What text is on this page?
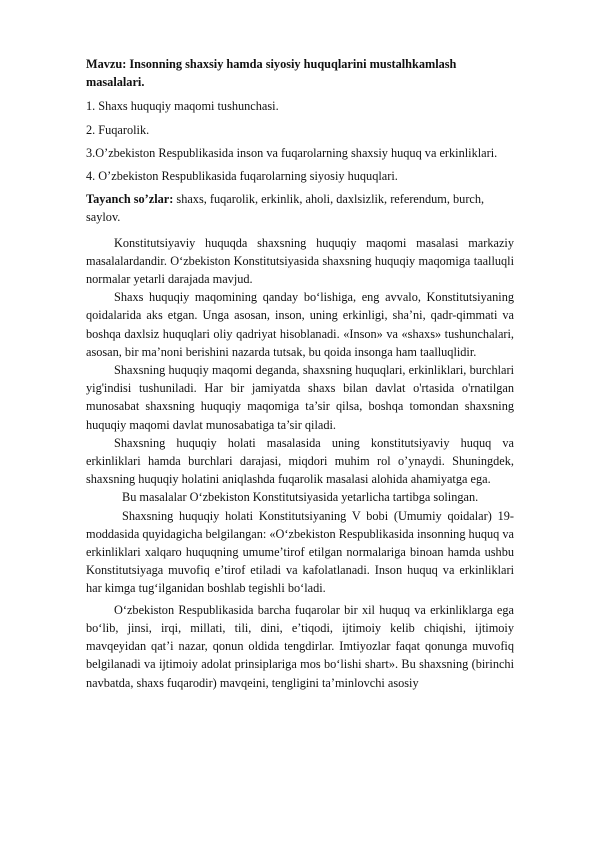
Mavzu: Insonning shaxsiy hamda siyosiy huquqlarini mustalhkamlash masalalari.

1. Shaxs huquqiy maqomi tushunchasi.

2. Fuqarolik.

3.O’zbekiston Respublikasida inson va fuqarolarning shaxsiy huquq va erkinliklari.

4. O’zbekiston Respublikasida fuqarolarning siyosiy huquqlari.

Tayanch so’zlar: shaxs, fuqarolik, erkinlik, aholi, daxlsizlik, referendum, burch, saylov.

Konstitutsiyaviy huquqda shaxsning huquqiy maqomi masalasi markaziy masalalardandir. O‘zbekiston Konstitutsiyasida shaxsning huquqiy maqomiga taalluqli normalar yetarli darajada mavjud.

Shaxs huquqiy maqomining qanday bo‘lishiga, eng avvalo, Konstitutsiyaning qoidalarida aks etgan. Unga asosan, inson, uning erkinligi, sha’ni, qadr-qimmati va boshqa daxlsiz huquqlari oliy qadriyat hisoblanadi. «Inson» va «shaxs» tushunchalari, asosan, bir ma’noni berishini nazarda tutsak, bu qoida insonga ham taalluqlidir.

Shaxsning huquqiy maqomi deganda, shaxsning huquqlari, erkinliklari, burchlari yig'indisi tushuniladi. Har bir jamiyatda shaxs bilan davlat o'rtasida o'rnatilgan munosabat shaxsning huquqiy maqomiga ta’sir qilsa, boshqa tomondan shaxsning huquqiy maqomi davlat munosabatiga ta’sir qiladi.

Shaxsning huquqiy holati masalasida uning konstitutsiyaviy huquq va erkinliklari hamda burchlari darajasi, miqdori muhim rol o’ynaydi. Shuningdek, shaxsning huquqiy holatini aniqlashda fuqarolik masalasi alohida ahamiyatga ega.

Bu masalalar O‘zbekiston Konstitutsiyasida yetarlicha tartibga solingan.

Shaxsning huquqiy holati Konstitutsiyaning V bobi (Umumiy qoidalar) 19-moddasida quyidagicha belgilangan: «O‘zbekiston Respublikasida insonning huquq va erkinliklari xalqaro huquqning umume’tirof etilgan normalariga binoan hamda ushbu Konstitutsiyaga muvofiq e’tirof etiladi va kafolatlanadi. Inson huquq va erkinliklari har kimga tug‘ilganidan boshlab tegishli bo‘ladi.

O‘zbekiston Respublikasida barcha fuqarolar bir xil huquq va erkinliklarga ega bo‘lib, jinsi, irqi, millati, tili, dini, e’tiqodi, ijtimoiy kelib chiqishi, ijtimoiy mavqeyidan qat’i nazar, qonun oldida tengdirlar. Imtiyozlar faqat qonunga muvofiq belgilanadi va ijtimoiy adolat prinsiplariga mos bo‘lishi shart». Bu shaxsning (birinchi navbatda, shaxs fuqarodir) mavqeini, tengligini ta’minlovchi asosiy
